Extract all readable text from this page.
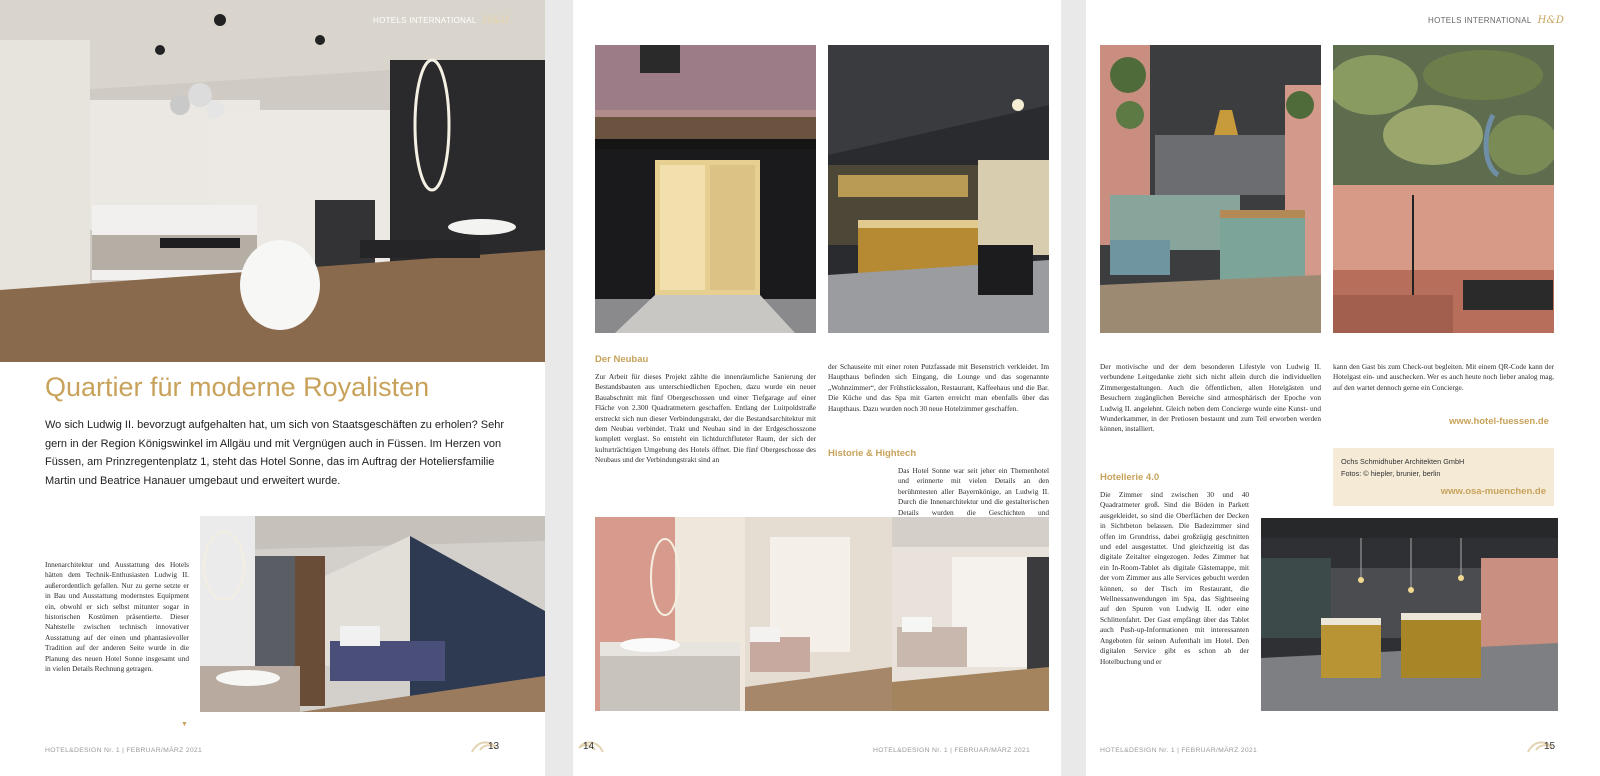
HOTELS INTERNATIONAL H&D
Quartier für moderne Royalisten

Wo sich Ludwig II. bevorzugt aufgehalten hat, um sich von Staatsgeschäften zu erholen? Sehr gern in der Region Königswinkel im Allgäu und mit Vergnügen auch in Füssen. Im Herzen von Füssen, am Prinzregentenplatz 1, steht das Hotel Sonne, das im Auftrag der Hoteliersfamilie Martin und Beatrice Hanauer umgebaut und erweitert wurde.

Innenarchitektur und Ausstattung des Hotels hätten dem Technik-Enthusiasten Ludwig II. außerordentlich gefallen. Nur zu gerne setzte er in Bau und Ausstattung modernstes Equipment ein, obwohl er sich selbst mitunter sogar in historischen Kostümen präsentierte. Dieser Nahtstelle zwischen technisch innovativer Ausstattung auf der einen und phantasievoller Tradition auf der anderen Seite wurde in die Planung des neuen Hotel Sonne insgesamt und in vielen Details Rechnung getragen.

▼
HOTEL&DESIGN Nr. 1 | FEBRUAR/MÄRZ 2021	13

Der Neubau

Zur Arbeit für dieses Projekt zählte die innenräumliche Sanierung der Bestandsbauten aus unterschiedlichen Epochen, dazu wurde ein neuer Bauabschnitt mit fünf Obergeschossen und einer Tiefgarage auf einer Fläche von 2.300 Quadratmetern geschaffen. Entlang der Luitpoldstraße erstreckt sich nun dieser Verbindungstrakt, der die Bestandsarchitektur mit dem Neubau verbindet. Trakt und Neubau sind in der Erdgeschosszone komplett verglast. So entsteht ein lichtdurchfluteter Raum, der sich der kulturträchtigen Umgebung des Hotels öffnet. Die fünf Obergeschosse des Neubaus und der Verbindungstrakt sind an

der Schauseite mit einer roten Putzfassade mit Besenstrich verkleidet. Im Haupthaus befinden sich Eingang, die Lounge und das sogenannte „Wohnzimmer“, der Frühstückssalon, Restaurant, Kaffeehaus und die Bar. Die Küche und das Spa mit Garten erreicht man ebenfalls über das Haupthaus. Dazu wurden noch 30 neue Hotelzimmer geschaffen.

Historie & Hightech

Das Hotel Sonne war seit jeher ein Themenhotel und erinnerte mit vielen Details an den berühmtesten aller Bayernkönige, an Ludwig II. Durch die Innenarchitektur und die gestalterischen Details wurden die Geschichten und

14	HOTEL&DESIGN Nr. 1 | FEBRUAR/MÄRZ 2021
HOTELS INTERNATIONAL H&D

Der motivische und der dem besonderen Lifestyle von Ludwig II. verbundene Leitgedanke zieht sich nicht allein durch die individuellen Zimmergestaltungen. Auch die öffentlichen, allen Hotelgästen und Besuchern zugänglichen Bereiche sind atmosphärisch der Epoche von Ludwig II. angelehnt. Gleich neben dem Concierge wurde eine Kunst- und Wunderkammer, in der Pretiosen bestaunt und zum Teil erworben werden können, installiert.

Hotellerie 4.0

Die Zimmer sind zwischen 30 und 40 Quadratmeter groß. Sind die Böden in Parkett ausgekleidet, so sind die Oberflächen der Decken in Sichtbeton belassen. Die Badezimmer sind offen im Grundriss, dabei großzügig geschnitten und edel ausgestattet. Und gleichzeitig ist das digitale Zeitalter eingezogen. Jedes Zimmer hat ein In-Room-Tablet als digitale Gästemappe, mit der vom Zimmer aus alle Services gebucht werden können, so der Tisch im Restaurant, die Wellnessanwendungen im Spa, das Sightseeing auf den Spuren von Ludwig II. oder eine Schlittenfahrt. Der Gast empfängt über das Tablet auch Push-up-Informationen mit interessanten Angeboten für seinen Aufenthalt im Hotel. Den digitalen Service gibt es schon ab der Hotelbuchung und er

kann den Gast bis zum Check-out begleiten. Mit einem QR-Code kann der Hotelgast ein- und auschecken. Wer es auch heute noch lieber analog mag, auf den wartet dennoch gerne ein Concierge.

www.hotel-fuessen.de
Ochs Schmidhuber Architekten GmbH
Fotos: © hiepler, brunier, berlin
www.osa-muenchen.de
HOTEL&DESIGN Nr. 1 | FEBRUAR/MÄRZ 2021	15
